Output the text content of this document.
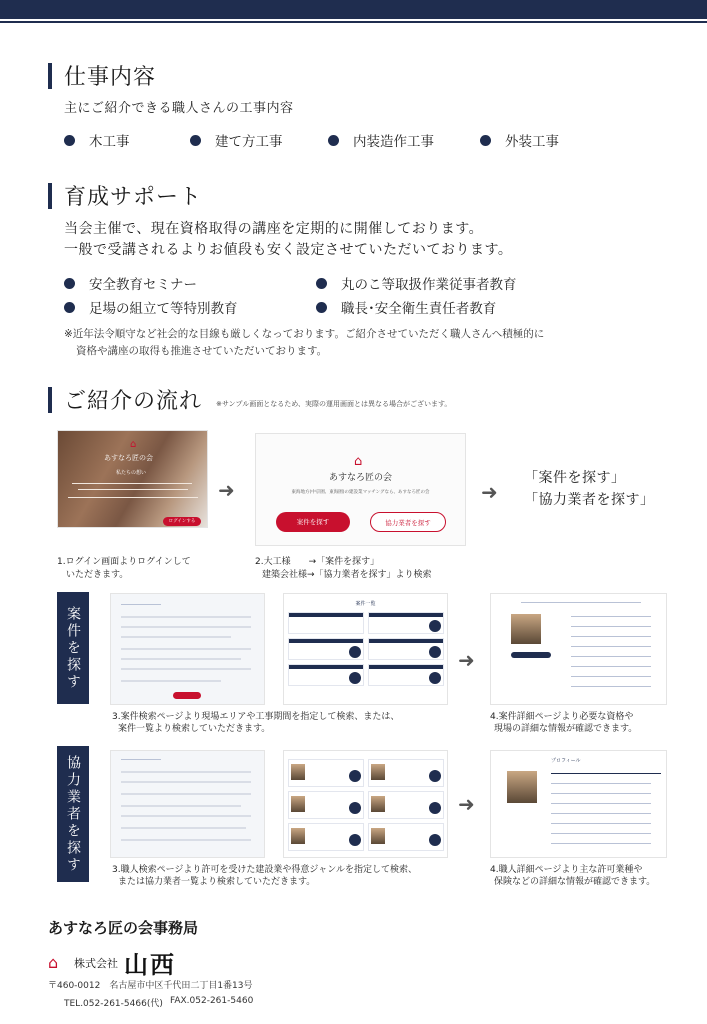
仕事内容
主にご紹介できる職人さんの工事内容
木工事	建て方工事	内装造作工事	外装工事
育成サポート
当会主催で、現在資格取得の講座を定期的に開催しております。
一般で受講されるよりお値段も安く設定させていただいております。
安全教育セミナー	丸のこ等取扱作業従事者教育
足場の組立て等特別教育	職長･安全衛生責任者教育
※近年法令順守など社会的な目線も厳しくなっております。ご紹介させていただく職人さんへ積極的に
資格や講座の取得も推進させていただいております。
ご紹介の流れ ※サンプル画面となるため、実際の運用画面とは異なる場合がございます。
⌂
あすなろ匠の会
私たちの想い
ログインする
➜
⌂
あすなろ匠の会
東海地方(中京圏、東海圏)の建設業マッチングなら、あすなろ匠の会
案件を探す	協力業者を探す
➜
「案件を探す」
「協力業者を探す」
1.ログイン画面よりログインして
いただきます。
2.大工様　　→「案件を探す」
建築会社様→「協力業者を探す」より検索
案件を探す
案件一覧
➜
3.案件検索ページより現場エリアや工事期間を指定して検索、または、
案件一覧より検索していただきます。
4.案件詳細ページより必要な資格や
現場の詳細な情報が確認できます。
協力業者を探す	➜
プロフィール
3.職人検索ページより許可を受けた建設業や得意ジャンルを指定して検索、
または協力業者一覧より検索していただきます。
4.職人詳細ページより主な許可業種や
保険などの詳細な情報が確認できます。
あすなろ匠の会事務局
⌂	株式会社 山西
〒460-0012　名古屋市中区千代田二丁目1番13号
TEL.052-261-5466(代) FAX.052-261-5460
